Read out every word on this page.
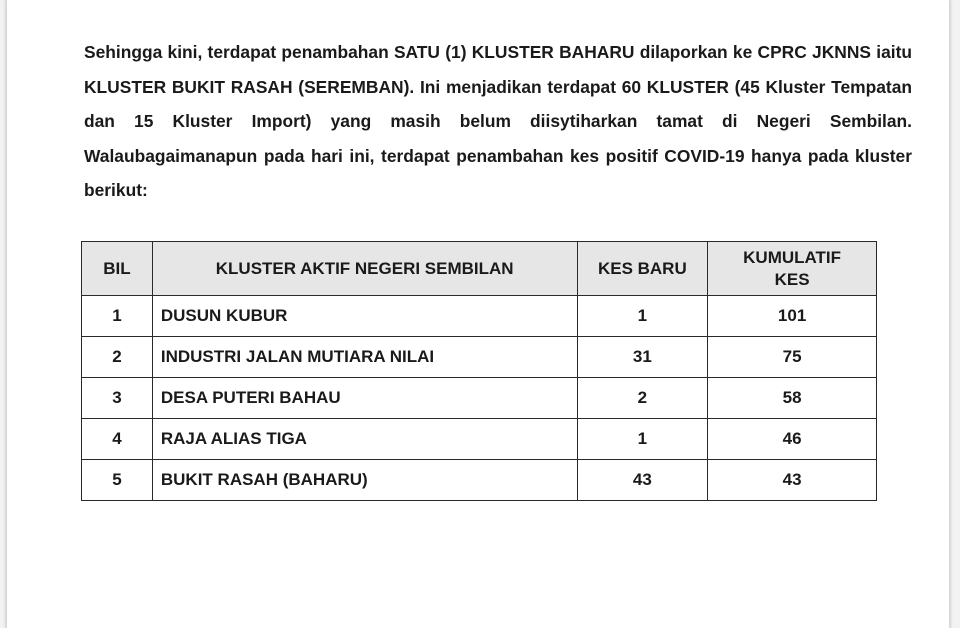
Sehingga kini, terdapat penambahan SATU (1) KLUSTER BAHARU dilaporkan ke CPRC JKNNS iaitu KLUSTER BUKIT RASAH (SEREMBAN). Ini menjadikan terdapat 60 KLUSTER (45 Kluster Tempatan dan 15 Kluster Import) yang masih belum diisytiharkan tamat di Negeri Sembilan. Walaubagaimanapun pada hari ini, terdapat penambahan kes positif COVID-19 hanya pada kluster berikut:

BIL	KLUSTER AKTIF NEGERI SEMBILAN	KES BARU	KUMULATIF
KES
1	DUSUN KUBUR	1	101
2	INDUSTRI JALAN MUTIARA NILAI	31	75
3	DESA PUTERI BAHAU	2	58
4	RAJA ALIAS TIGA	1	46
5	BUKIT RASAH (BAHARU)	43	43
